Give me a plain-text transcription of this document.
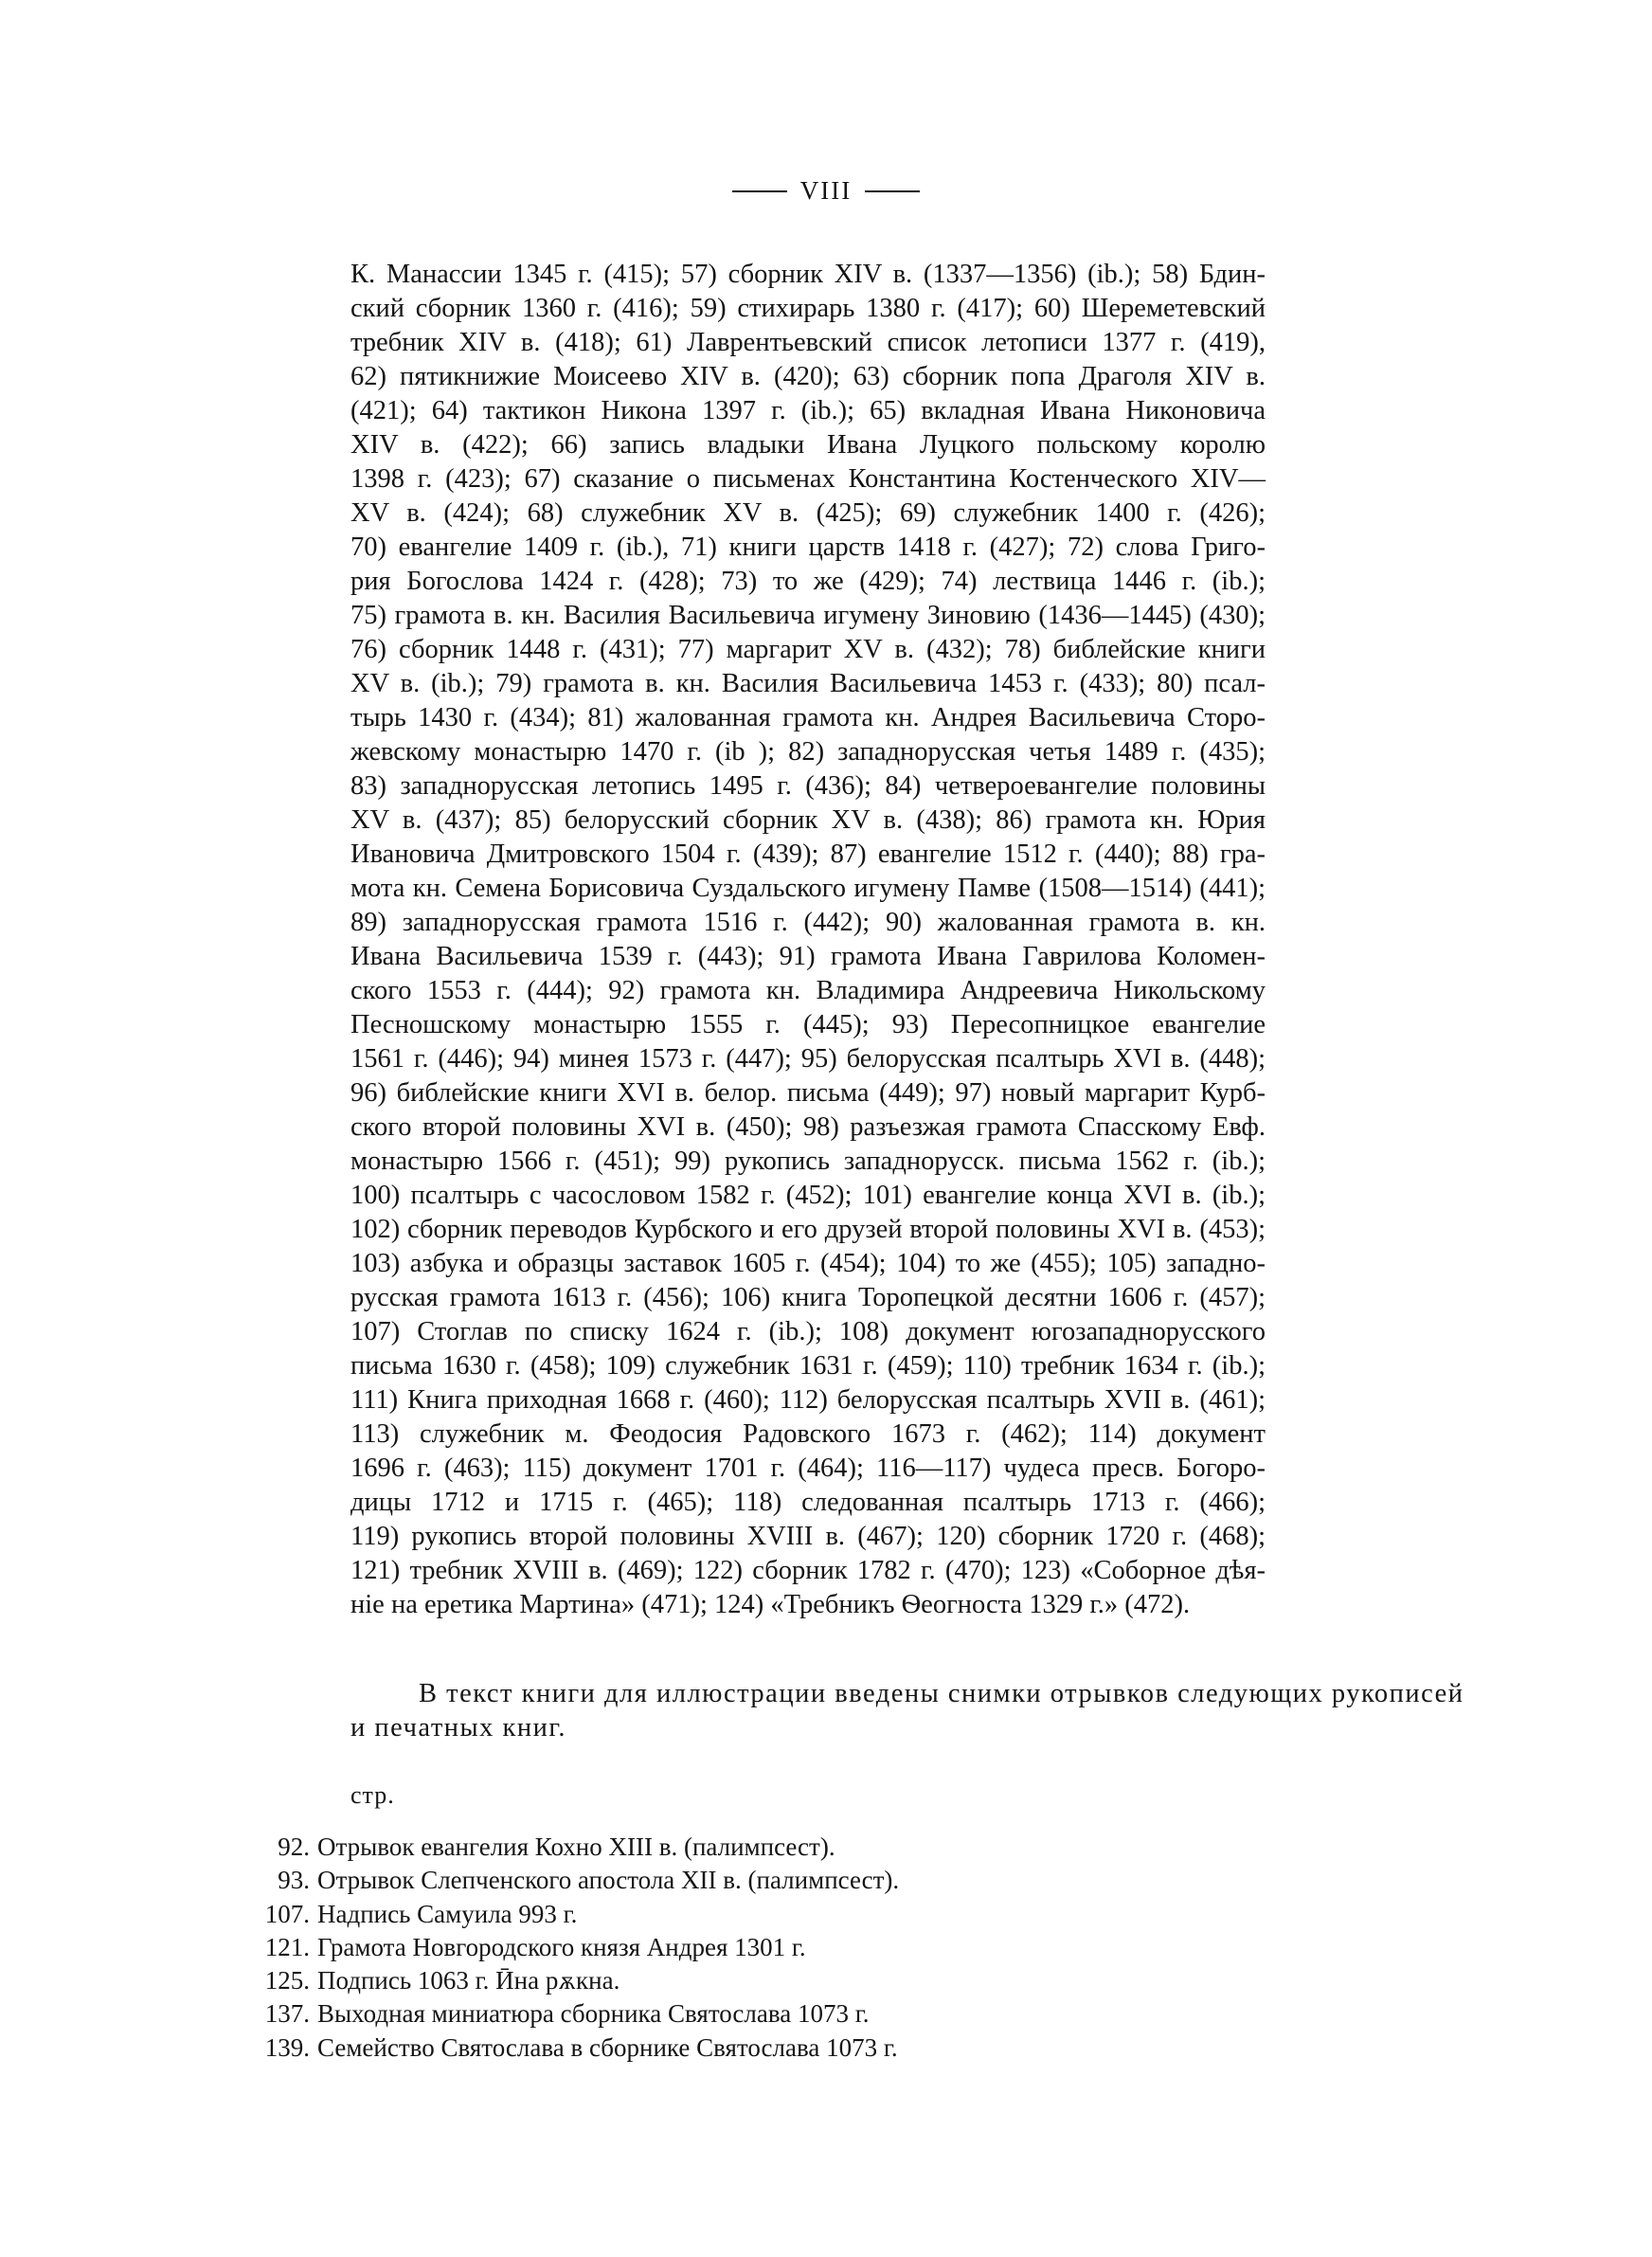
VIII
К. Манассии 1345 г. (415); 57) сборник XIV в. (1337—1356) (ib.); 58) Бдин-
ский сборник 1360 г. (416); 59) стихирарь 1380 г. (417); 60) Шереметевский
требник XIV в. (418); 61) Лаврентьевский список летописи 1377 г. (419),
62) пятикнижие Моисеево XIV в. (420); 63) сборник попа Драголя XIV в.
(421); 64) тактикон Никона 1397 г. (ib.); 65) вкладная Ивана Никоновича
XIV в. (422); 66) запись владыки Ивана Луцкого польскому королю
1398 г. (423); 67) сказание о письменах Константина Костенческого XIV—
XV в. (424); 68) служебник XV в. (425); 69) служебник 1400 г. (426);
70) евангелие 1409 г. (ib.), 71) книги царств 1418 г. (427); 72) слова Григо-
рия Богослова 1424 г. (428); 73) то же (429); 74) лествица 1446 г. (ib.);
75) грамота в. кн. Василия Васильевича игумену Зиновию (1436—1445) (430);
76) сборник 1448 г. (431); 77) маргарит XV в. (432); 78) библейские книги
XV в. (ib.); 79) грамота в. кн. Василия Васильевича 1453 г. (433); 80) псал-
тырь 1430 г. (434); 81) жалованная грамота кн. Андрея Васильевича Сторо-
жевскому монастырю 1470 г. (ib ); 82) западнорусская четья 1489 г. (435);
83) западнорусская летопись 1495 г. (436); 84) четвероевангелие половины
XV в. (437); 85) белорусский сборник XV в. (438); 86) грамота кн. Юрия
Ивановича Дмитровского 1504 г. (439); 87) евангелие 1512 г. (440); 88) гра-
мота кн. Семена Борисовича Суздальского игумену Памве (1508—1514) (441);
89) западнорусская грамота 1516 г. (442); 90) жалованная грамота в. кн.
Ивана Васильевича 1539 г. (443); 91) грамота Ивана Гаврилова Коломен-
ского 1553 г. (444); 92) грамота кн. Владимира Андреевича Никольскому
Песношскому монастырю 1555 г. (445); 93) Пересопницкое евангелие
1561 г. (446); 94) минея 1573 г. (447); 95) белорусская псалтырь XVI в. (448);
96) библейские книги XVI в. белор. письма (449); 97) новый маргарит Курб-
ского второй половины XVI в. (450); 98) разъезжая грамота Спасскому Евф.
монастырю 1566 г. (451); 99) рукопись западнорусск. письма 1562 г. (ib.);
100) псалтырь с часословом 1582 г. (452); 101) евангелие конца XVI в. (ib.);
102) сборник переводов Курбского и его друзей второй половины XVI в. (453);
103) азбука и образцы заставок 1605 г. (454); 104) то же (455); 105) западно-
русская грамота 1613 г. (456); 106) книга Торопецкой десятни 1606 г. (457);
107) Стоглав по списку 1624 г. (ib.); 108) документ югозападнорусского
письма 1630 г. (458); 109) служебник 1631 г. (459); 110) требник 1634 г. (ib.);
111) Книга приходная 1668 г. (460); 112) белорусская псалтырь XVII в. (461);
113) служебник м. Феодосия Радовского 1673 г. (462); 114) документ
1696 г. (463); 115) документ 1701 г. (464); 116—117) чудеса пресв. Богоро-
дицы 1712 и 1715 г. (465); 118) следованная псалтырь 1713 г. (466);
119) рукопись второй половины XVIII в. (467); 120) сборник 1720 г. (468);
121) требник XVIII в. (469); 122) сборник 1782 г. (470); 123) «Соборное дѣя-
нiе на еретика Мартина» (471); 124) «Требникъ Ѳеогноста 1329 г.» (472).
В текст книги для иллюстрации введены снимки отрывков следующих рукописей
и печатных книг.
стр.
92. Отрывок евангелия Кохно XIII в. (палимпсест).
93. Отрывок Слепченского апостола XII в. (палимпсест).
107. Надпись Самуила 993 г.
121. Грамота Новгородского князя Андрея 1301 г.
125. Подпись 1063 г. Ӣна рѫкна.
137. Выходная миниатюра сборника Святослава 1073 г.
139. Семейство Святослава в сборнике Святослава 1073 г.
